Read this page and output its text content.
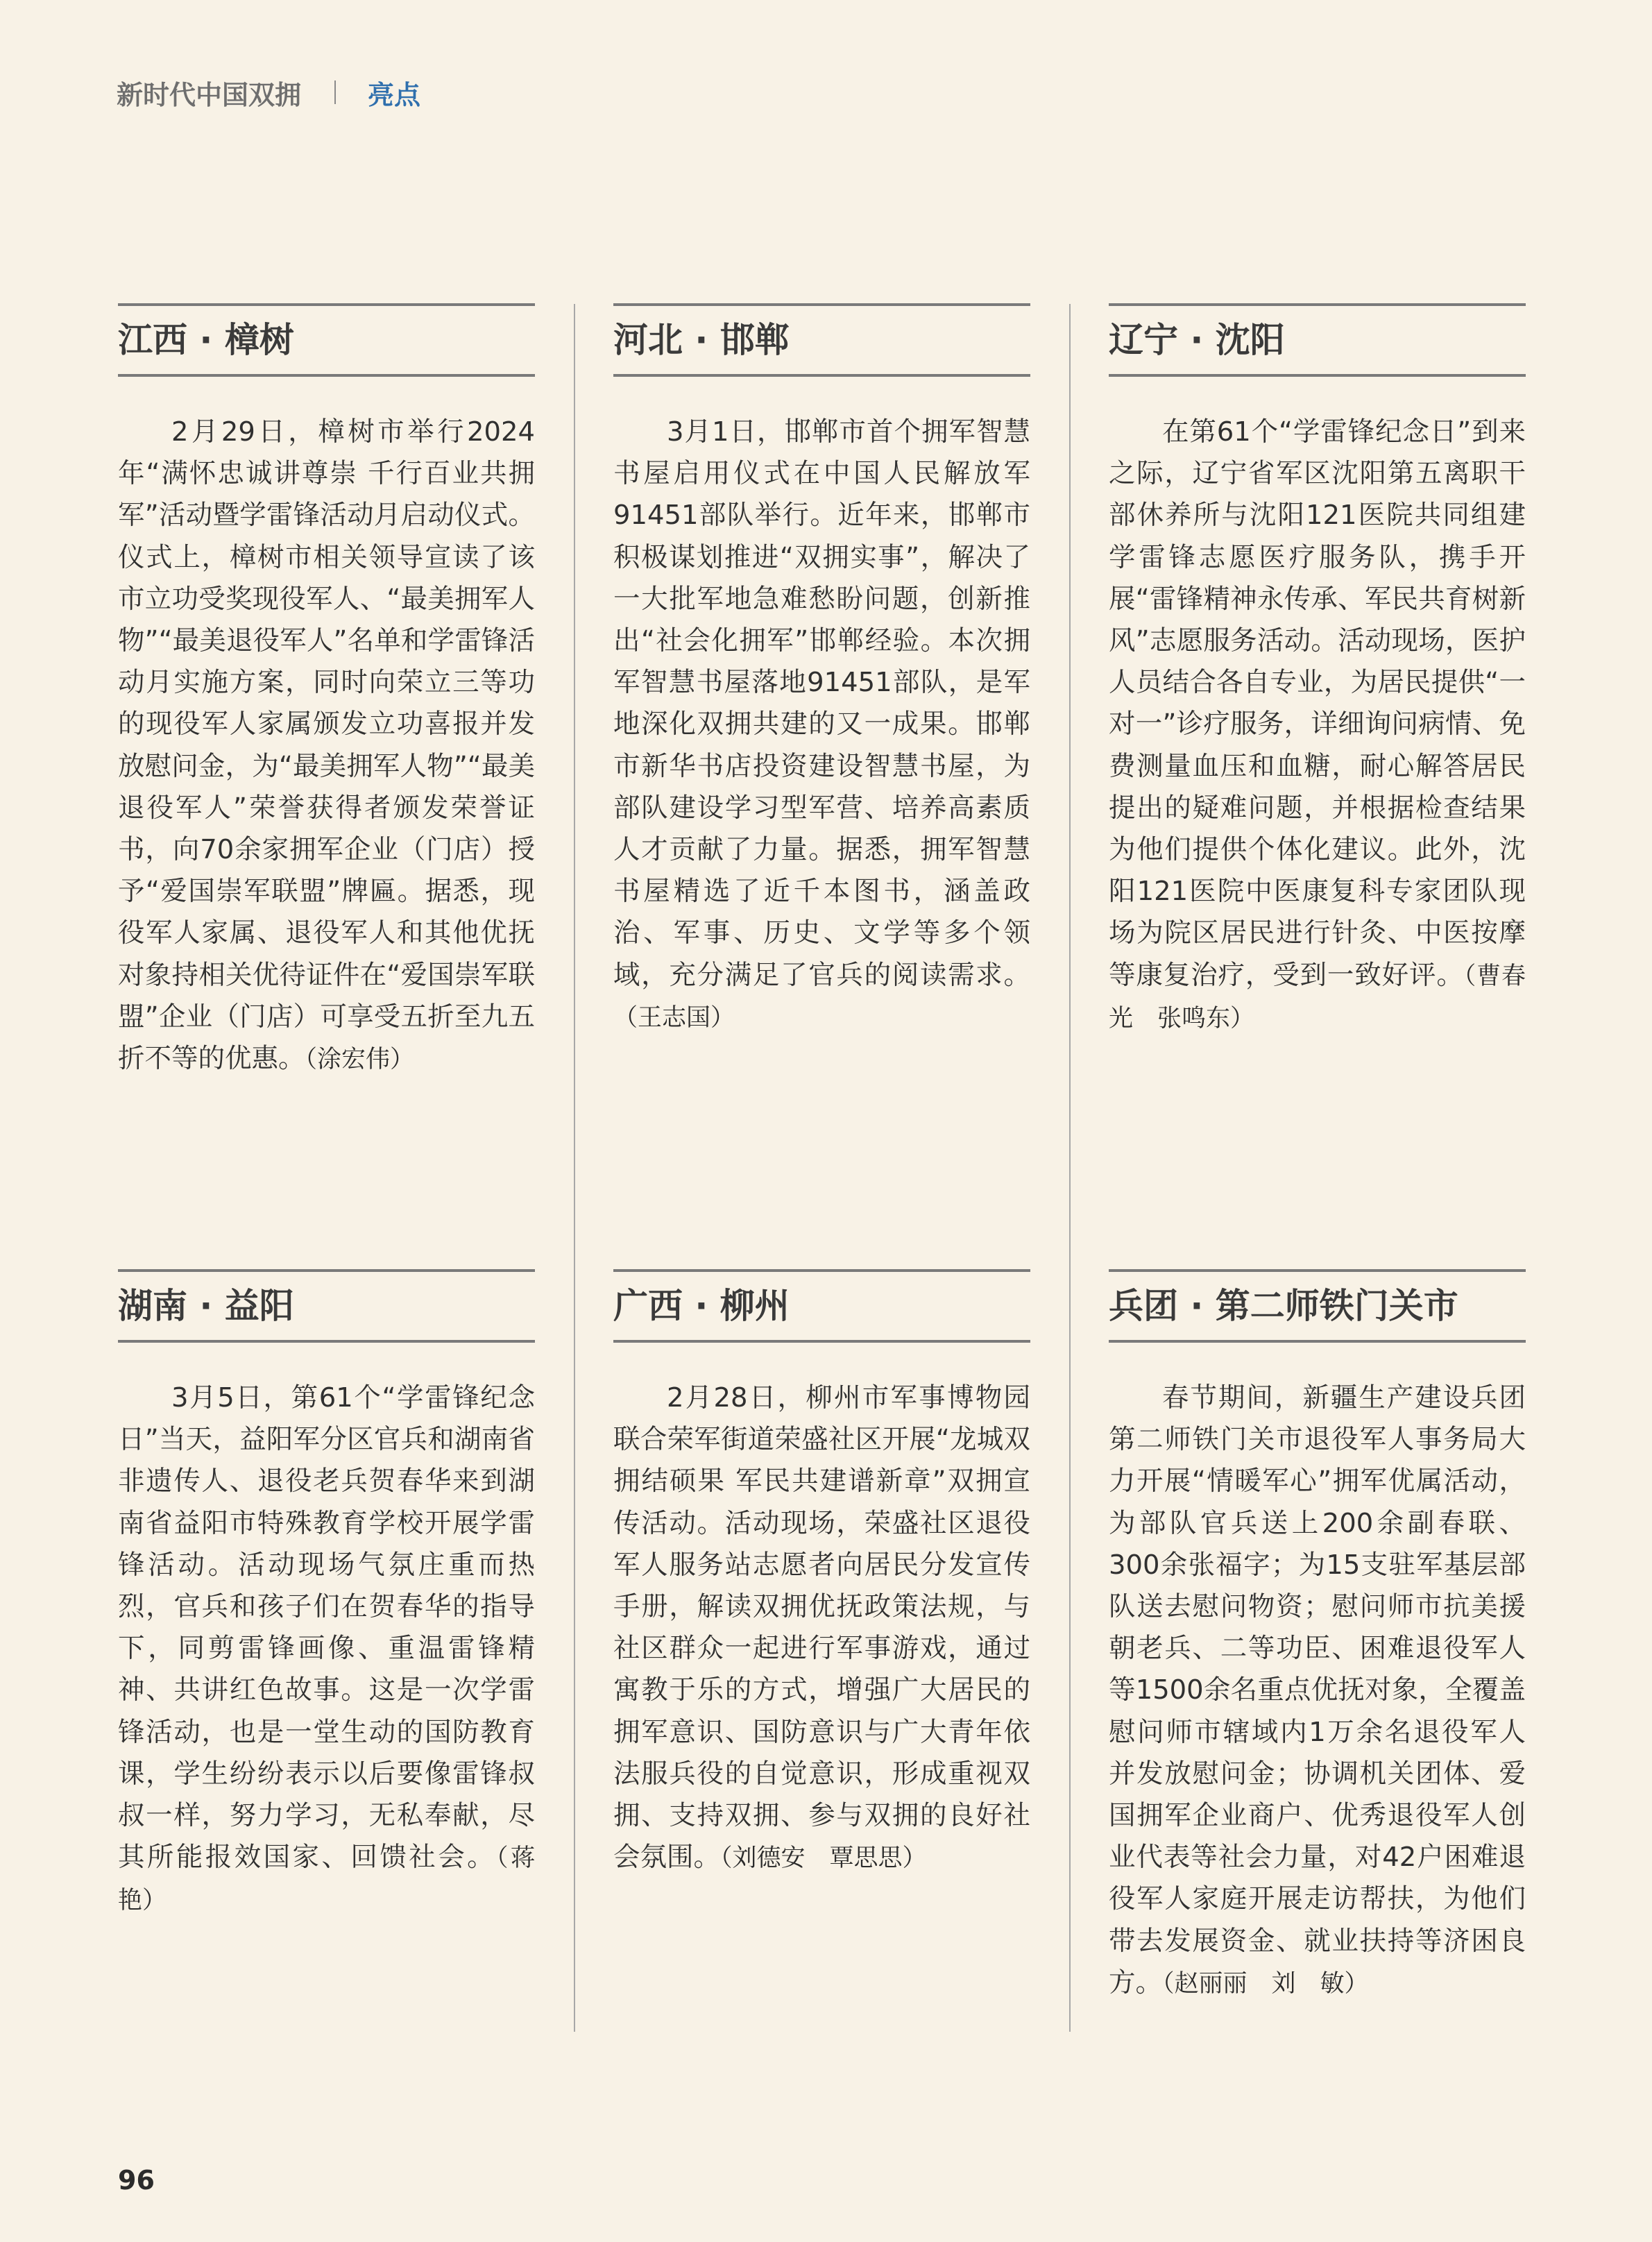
新时代中国双拥	亮点
江西 · 樟树
2月29日，樟树市举行2024年“满怀忠诚讲尊崇 千行百业共拥军”活动暨学雷锋活动月启动仪式。仪式上，樟树市相关领导宣读了该市立功受奖现役军人、“最美拥军人物”“最美退役军人”名单和学雷锋活动月实施方案，同时向荣立三等功的现役军人家属颁发立功喜报并发放慰问金，为“最美拥军人物”“最美退役军人”荣誉获得者颁发荣誉证书，向70余家拥军企业（门店）授予“爱国崇军联盟”牌匾。据悉，现役军人家属、退役军人和其他优抚对象持相关优待证件在“爱国崇军联盟”企业（门店）可享受五折至九五折不等的优惠。（涂宏伟）
河北 · 邯郸
3月1日，邯郸市首个拥军智慧书屋启用仪式在中国人民解放军91451部队举行。近年来，邯郸市积极谋划推进“双拥实事”，解决了一大批军地急难愁盼问题，创新推出“社会化拥军”邯郸经验。本次拥军智慧书屋落地91451部队，是军地深化双拥共建的又一成果。邯郸市新华书店投资建设智慧书屋，为部队建设学习型军营、培养高素质人才贡献了力量。据悉，拥军智慧书屋精选了近千本图书，涵盖政治、军事、历史、文学等多个领域，充分满足了官兵的阅读需求。（王志国）
辽宁 · 沈阳
在第61个“学雷锋纪念日”到来之际，辽宁省军区沈阳第五离职干部休养所与沈阳121医院共同组建学雷锋志愿医疗服务队，携手开展“雷锋精神永传承、军民共育树新风”志愿服务活动。活动现场，医护人员结合各自专业，为居民提供“一对一”诊疗服务，详细询问病情、免费测量血压和血糖，耐心解答居民提出的疑难问题，并根据检查结果为他们提供个体化建议。此外，沈阳121医院中医康复科专家团队现场为院区居民进行针灸、中医按摩等康复治疗，受到一致好评。（曹春光　张鸣东）
湖南 · 益阳
3月5日，第61个“学雷锋纪念日”当天，益阳军分区官兵和湖南省非遗传人、退役老兵贺春华来到湖南省益阳市特殊教育学校开展学雷锋活动。活动现场气氛庄重而热烈，官兵和孩子们在贺春华的指导下，同剪雷锋画像、重温雷锋精神、共讲红色故事。这是一次学雷锋活动，也是一堂生动的国防教育课，学生纷纷表示以后要像雷锋叔叔一样，努力学习，无私奉献，尽其所能报效国家、回馈社会。（蒋　艳）
广西 · 柳州
2月28日，柳州市军事博物园联合荣军街道荣盛社区开展“龙城双拥结硕果 军民共建谱新章”双拥宣传活动。活动现场，荣盛社区退役军人服务站志愿者向居民分发宣传手册，解读双拥优抚政策法规，与社区群众一起进行军事游戏，通过寓教于乐的方式，增强广大居民的拥军意识、国防意识与广大青年依法服兵役的自觉意识，形成重视双拥、支持双拥、参与双拥的良好社会氛围。（刘德安　覃思思）
兵团 · 第二师铁门关市
春节期间，新疆生产建设兵团第二师铁门关市退役军人事务局大力开展“情暖军心”拥军优属活动，为部队官兵送上200余副春联、300余张福字；为15支驻军基层部队送去慰问物资；慰问师市抗美援朝老兵、二等功臣、困难退役军人等1500余名重点优抚对象，全覆盖慰问师市辖域内1万余名退役军人并发放慰问金；协调机关团体、爱国拥军企业商户、优秀退役军人创业代表等社会力量，对42户困难退役军人家庭开展走访帮扶，为他们带去发展资金、就业扶持等济困良方。（赵丽丽　刘　敏）
96
